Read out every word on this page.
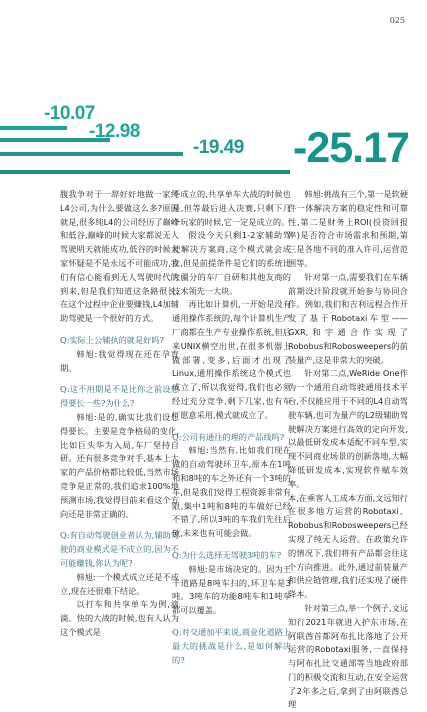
025
-10.07
-12.98
-19.49 -25.17

腹我争对于一辞好好地做一家纯L4公司,为什么要做这么多?原因就是,很多纯L4的公司经历了巅峰和低谷,巅峰的时候大家都说无人驾驶明天就能成功,低谷的时候大家怀疑是不是永远不可能成功,我们有信心能看到无人驾驶时代的到来,但是我们知道这条路很长,在这个过程中企业要赚钱,L4加辅助驾驶是一个很好的方式。

Q:实际上公辅执的就是好吗?

韩旭:我觉得现在还在孕育期。

Q:这不用期是不是比你之前设想得要长一些?为什么?

韩旭:是的,确实比我们设想得要长。主要是竞争格局的变化,比如巨头华为入局,车厂坚持自研。还有很多竞争对手,基本上大家的产品价格都比较低,当然市场竞争是正常的,我们追求100%地预测市场,我觉得目前来看这个方向还是非常正确的。

Q:有自动驾驶创业者认为,辅助驾驶的商业模式是不成立的,因为不可能赚钱,你认为呢?

韩旭:一个模式成立还是不成立,现在还很难下结论。

以打车和共享单车为例,滴滴、快的大战的时候,也有人认为这个模式是

不成立的,共享单车大战的时候也是,但等最后进入决赛,只剩下几个玩家的时候,它一定是成立的。

假设今天只剩1-2家辅助驾驶解决方案商,这个模式就会成立,但是前提条件是它们的系统比大疆分的车厂自研和其他友商的技术领先一大块。

再比如计算机,一开始是没有通用操作系统的,每个计算机生产厂商都在生产专业操作系统,但后来UNIX横空出世,在很多机器上做部署,变多,后面才出现了Linux,通用操作系统这个模式也成立了,所以我觉得,我们也必须经过充分竞争,剩下几家,也有车厂愿意采用,模式就成立了。

Q:公司有通往的理的产品线吗?

韩旭:当然有,比如我们现在做的自动驾驶环卫车,原本在1吨和和8吨的车之外还有一个3吨的车,但是我们觉得工程资源非常有限,集中1吨和8吨的车做好已经不错了,所以3吨的车我们先往后放,未来也有可能会做。

Q:为什么选择无驾驶3吨的车?

韩旭:是市场决定的。因为王千道路是8吨车扫的,环卫车是3吨。3吨车的功能8吨车和1吨车都可以覆盖。

Q:对交通加平来说,商业化道路上最大的挑战是什么,是如何解决的?

韩旭:挑战有三个,第一是软硬件一体解决方案的稳定性和可靠性,第二是财务上ROI(投资回报率)是否符合市场需求和预期,第三是各地不同的准入许可,运营范围等。

针对第一点,需要我们在车辆前期设计阶段就开始参与协同合作。例如,我们和吉利远程合作开发了基于Robotaxi车型——GXR,和宇通合作实现了Robobus和Robosweepers的前装量产,这是非常大的突破。

针对第二点,WeRide One作为一个通用自动驾驶通用技术平台,不仅能应用于不同的L4自动驾驶车辆,也可为量产的L2级辅助驾驶解决方案进行高效的定向开发,以最低研发成本适配不同车型,实现不同商业场景的创新落地,大幅降低研发成本,实现软件赋车效率。

本,在乘客人工成本方面,文远知行在很多地方运营的Robotaxi、Robobus和Robosweepers已经实现了纯无人运营。在政策允许的情况下,我们将有产品都会往这个方向推进。此外,通过前装量产和供应链管理,我们还实现了硬件降本。

针对第三点,举一个例子,文远知行2021年就进入护东市场,在阿联酋首都阿布扎比落地了公开运营的Robotaxi服务,一直保持与阿布扎比交通部等当地政府部门的积极交流和互动,在安全运营了2年多之后,拿到了由阿联酋总理
